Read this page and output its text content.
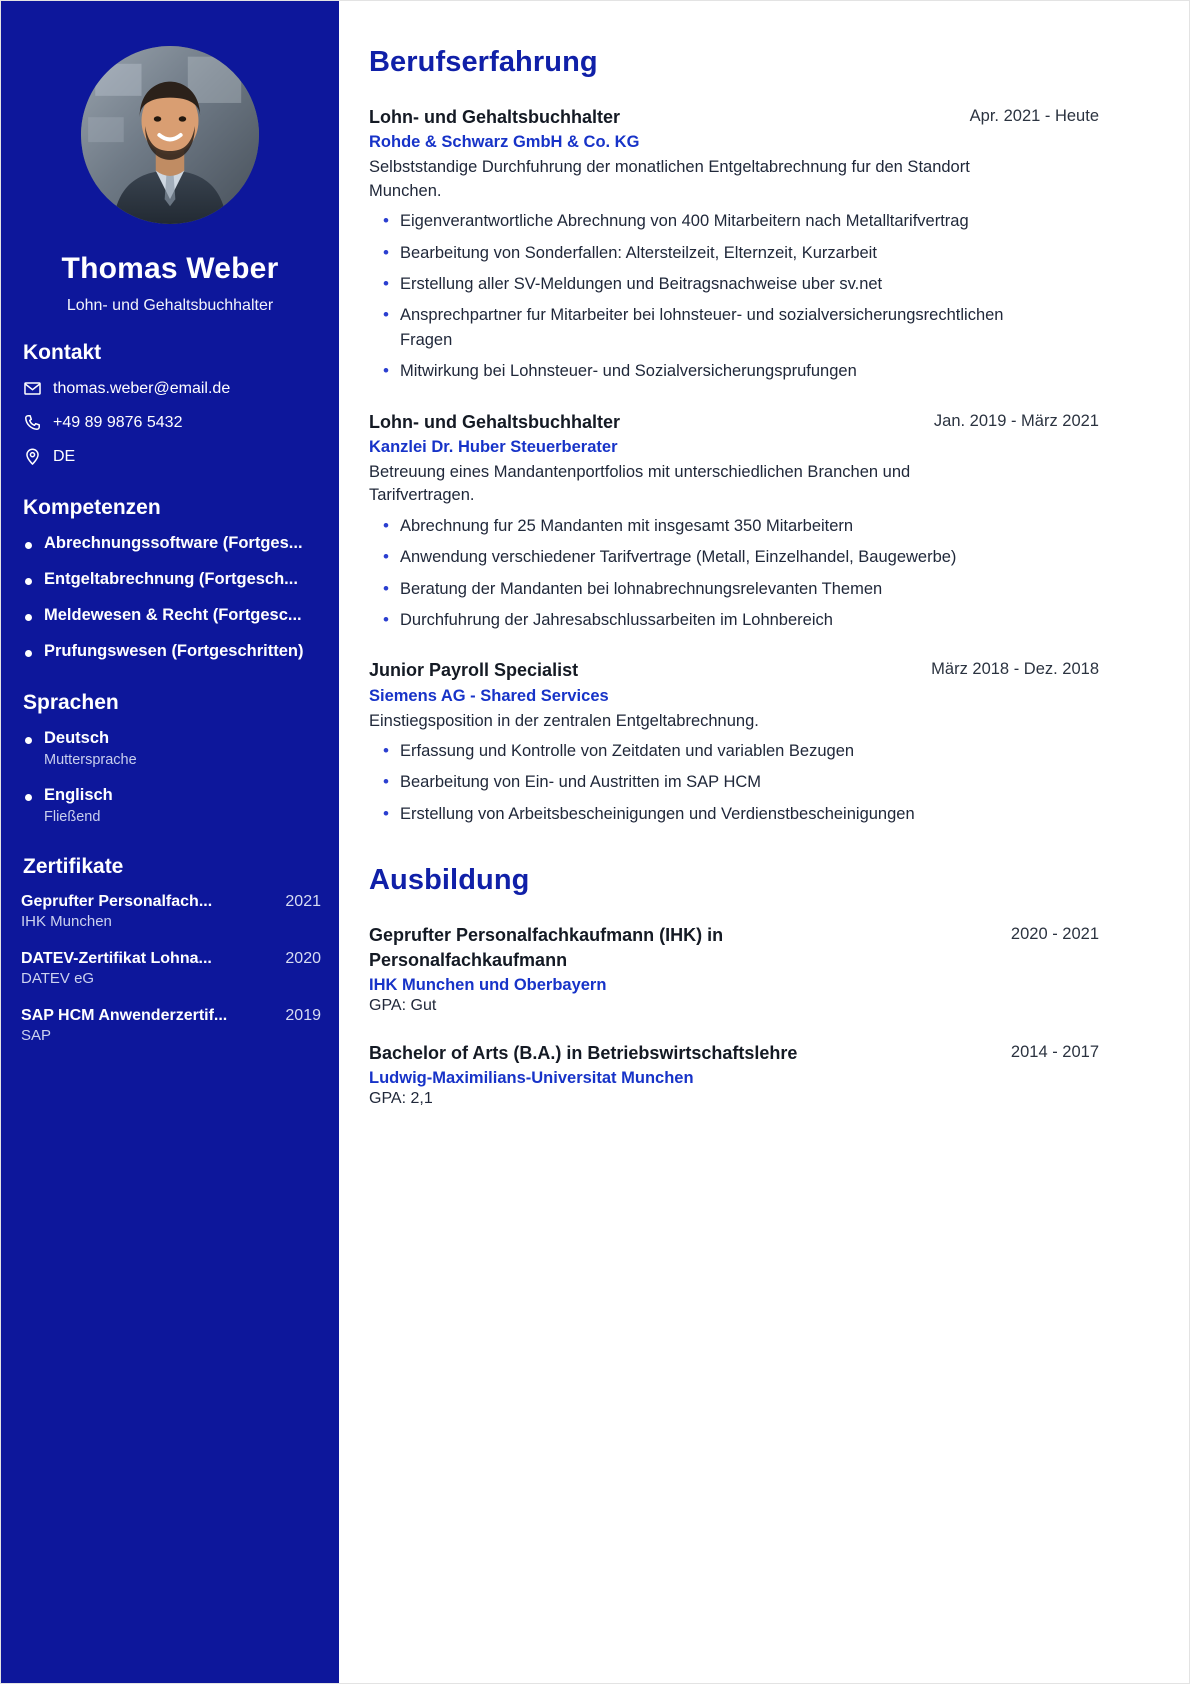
Thomas Weber
Lohn- und Gehaltsbuchhalter
Kontakt
thomas.weber@email.de
+49 89 9876 5432
DE
Kompetenzen
Abrechnungssoftware (Fortges...
Entgeltabrechnung (Fortgesch...
Meldewesen & Recht (Fortgesc...
Prufungswesen (Fortgeschritten)
Sprachen
Deutsch
Muttersprache
Englisch
Fließend
Zertifikate
Geprufter Personalfach...	2021
IHK Munchen
DATEV-Zertifikat Lohna...	2020
DATEV eG
SAP HCM Anwenderzertif...	2019
SAP
Berufserfahrung
Lohn- und Gehaltsbuchhalter	Apr. 2021 - Heute
Rohde & Schwarz GmbH & Co. KG
Selbststandige Durchfuhrung der monatlichen Entgeltabrechnung fur den Standort Munchen.
• Eigenverantwortliche Abrechnung von 400 Mitarbeitern nach Metalltarifvertrag
• Bearbeitung von Sonderfallen: Altersteilzeit, Elternzeit, Kurzarbeit
• Erstellung aller SV-Meldungen und Beitragsnachweise uber sv.net
• Ansprechpartner fur Mitarbeiter bei lohnsteuer- und sozialversicherungsrechtlichen Fragen
• Mitwirkung bei Lohnsteuer- und Sozialversicherungsprufungen
Lohn- und Gehaltsbuchhalter	Jan. 2019 - März 2021
Kanzlei Dr. Huber Steuerberater
Betreuung eines Mandantenportfolios mit unterschiedlichen Branchen und Tarifvertragen.
• Abrechnung fur 25 Mandanten mit insgesamt 350 Mitarbeitern
• Anwendung verschiedener Tarifvertrage (Metall, Einzelhandel, Baugewerbe)
• Beratung der Mandanten bei lohnabrechnungsrelevanten Themen
• Durchfuhrung der Jahresabschlussarbeiten im Lohnbereich
Junior Payroll Specialist	März 2018 - Dez. 2018
Siemens AG - Shared Services
Einstiegsposition in der zentralen Entgeltabrechnung.
• Erfassung und Kontrolle von Zeitdaten und variablen Bezugen
• Bearbeitung von Ein- und Austritten im SAP HCM
• Erstellung von Arbeitsbescheinigungen und Verdienstbescheinigungen
Ausbildung
Geprufter Personalfachkaufmann (IHK) in Personalfachkaufmann
2020 - 2021
IHK Munchen und Oberbayern
GPA: Gut
Bachelor of Arts (B.A.) in Betriebswirtschaftslehre	2014 - 2017
Ludwig-Maximilians-Universitat Munchen
GPA: 2,1
